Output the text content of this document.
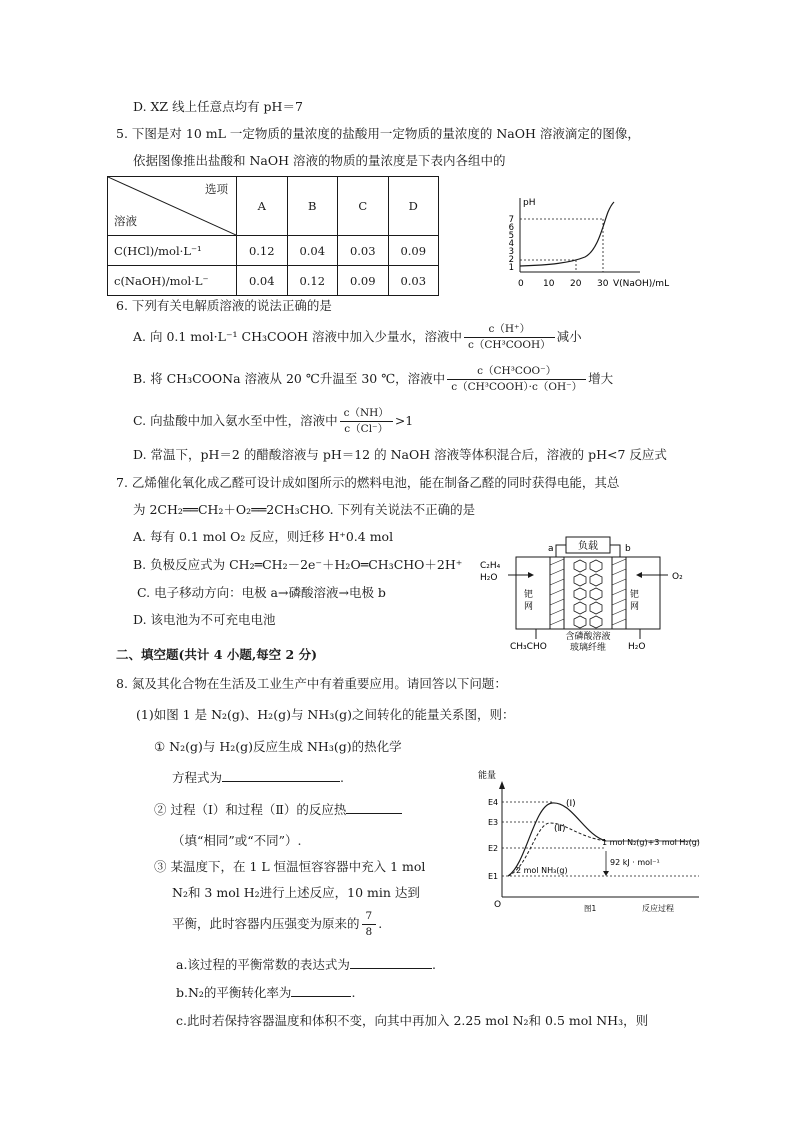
D. XZ 线上任意点均有 pH＝7
5. 下图是对 10 mL 一定物质的量浓度的盐酸用一定物质的量浓度的 NaOH 溶液滴定的图像，
依据图像推出盐酸和 NaOH 溶液的物质的量浓度是下表内各组中的
选项
溶液	A	B	C	D
C(HCl)/mol·L⁻¹	0.12	0.04	0.03	0.09
c(NaOH)/mol·L⁻	0.04	0.12	0.09	0.03
pH
7
6
5
4
3
2
1
0 10 20 30 V(NaOH)/mL
6. 下列有关电解质溶液的说法正确的是
A. 向 0.1 mol·L⁻¹ CH₃COOH 溶液中加入少量水，溶液中 $\frac{c(H^+)}{\text{c（CH³COOH）}}$ 减小
B. 将 CH₃COONa 溶液从 20 ℃升温至 30 ℃，溶液中 $\frac{\text{c（CH³COO⁻）}}{\text{c（CH³COOH）·c（OH⁻）}}$ 增大
C. 向盐酸中加入氨水至中性，溶液中 $\frac{c(NH)}{c(Cl^-)} >1$
D. 常温下，pH＝2 的醋酸溶液与 pH＝12 的 NaOH 溶液等体积混合后，溶液的 pH<7 反应式
7. 乙烯催化氧化成乙醛可设计成如图所示的燃料电池，能在制备乙醛的同时获得电能，其总
为 2CH₂══CH₂＋O₂══2CH₃CHO. 下列有关说法不正确的是
A. 每有 0.1 mol O₂ 反应，则迁移 H⁺0.4 mol
B. 负极反应式为 CH₂═CH₂－2e⁻＋H₂O═CH₃CHO＋2H⁺
C. 电子移动方向：电极 a→磷酸溶液→电极 b
D. 该电池为不可充电电池
负载
a	b
C₂H₄
H₂O	O₂
钯
网
钯
网
CH₃CHO
含磷酸溶液
玻璃纤维 H₂O
二、填空题(共计 4 小题,每空 2 分)
8. 氮及其化合物在生活及工业生产中有着重要应用。请回答以下问题：
(1)如图 1 是 N₂(g)、H₂(g)与 NH₃(g)之间转化的能量关系图，则：
① N₂(g)与 H₂(g)反应生成 NH₃(g)的热化学
方程式为	.
② 过程（Ⅰ）和过程（Ⅱ）的反应热
（填“相同”或“不同”）.
③ 某温度下，在 1 L 恒温恒容容器中充入 1 mol
N₂和 3 mol H₂进行上述反应，10 min 达到
平衡，此时容器内压强变为原来的 $\frac{7}{8}$ .
a.该过程的平衡常数的表达式为	.
b.N₂的平衡转化率为	.
c.此时若保持容器温度和体积不变，向其中再加入 2.25 mol N₂和 0.5 mol NH₃，则
能量
O
E4
E3
E2
E1
(Ⅰ)
(Ⅱ)
1 mol N₂(g)+3 mol H₂(g)
92 kJ · mol⁻¹
2 mol NH₃(g)
反应过程
图1
